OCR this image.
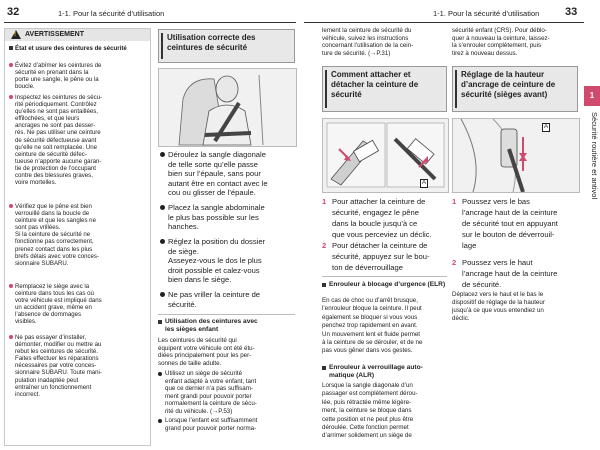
32	1-1. Pour la sécurité d’utilisation	1-1. Pour la sécurité d’utilisation 33
! AVERTISSEMENT
État et usure des ceintures de sécurité
Évitez d’abîmer les ceintures de
sécurité en prenant dans la
porte une sangle, le pêne ou la
boucle.
Inspectez les ceintures de sécu-
rité périodiquement. Contrôlez
qu’elles ne sont pas entaillées,
effilochées, et que leurs
ancrages ne sont pas desser-
rés. Ne pas utiliser une ceinture
de sécurité défectueuse avant
qu’elle ne soit remplacée. Une
ceinture de sécurité défec-
tueuse n’apporte aucune garan-
tie de protection de l’occupant
contre des blessures graves,
voire mortelles.
Vérifiez que le pêne est bien
verrouillé dans la boucle de
ceinture et que les sangles ne
sont pas vrillées.
Si la ceinture de sécurité ne
fonctionne pas correctement,
prenez contact dans les plus
brefs délais avec votre conces-
sionnaire SUBARU.
Remplacez le siège avec la
ceinture dans tous les cas où
votre véhicule est impliqué dans
un accident grave, même en
l’absence de dommages
visibles.
Ne pas essayer d’installer,
démonter, modifier ou mettre au
rebut les ceintures de sécurité.
Faites effectuer les réparations
nécessaires par votre conces-
sionnaire SUBARU. Toute mani-
pulation inadaptée peut
entraîner un fonctionnement
incorrect.
Utilisation correcte des
ceintures de sécurité
Déroulez la sangle diagonale
de telle sorte qu’elle passe
bien sur l’épaule, sans pour
autant être en contact avec le
cou ou glisser de l’épaule.
Placez la sangle abdominale
le plus bas possible sur les
hanches.
Réglez la position du dossier
de siège.
Asseyez-vous le dos le plus
droit possible et calez-vous
bien dans le siège.
Ne pas vriller la ceinture de
sécurité.
Utilisation des ceintures avec
les sièges enfant
Les ceintures de sécurité qui
équipent votre véhicule ont été étu-
diées principalement pour les per-
sonnes de taille adulte.
Utilisez un siège de sécurité
enfant adapté à votre enfant, tant
que ce dernier n’a pas suffisam-
ment grandi pour pouvoir porter
normalement la ceinture de sécu-
rité du véhicule. (→P.53)
Lorsque l’enfant est suffisamment
grand pour pouvoir porter norma-
lement la ceinture de sécurité du
véhicule, suivez les instructions
concernant l’utilisation de la cein-
ture de sécurité. (→P.31)
Comment attacher et
détacher la ceinture de
sécurité
A
1 Pour attacher la ceinture de
sécurité, engagez le pêne
dans la boucle jusqu’à ce
que vous perceviez un déclic.
2 Pour détacher la ceinture de
sécurité, appuyez sur le bou-
ton de déverrouillage
Enrouleur à blocage d’urgence (ELR)
En cas de choc ou d’arrêt brusque,
l’enrouleur bloque la ceinture. Il peut
également se bloquer si vous vous
penchez trop rapidement en avant.
Un mouvement lent et fluide permet
à la ceinture de se dérouler, et de ne
pas vous gêner dans vos gestes.
Enrouleur à verrouillage auto-
matique (ALR)
Lorsque la sangle diagonale d’un
passager est complètement dérou-
lée, puis rétractée même légère-
ment, la ceinture se bloque dans
cette position et ne peut plus être
déroulée. Cette fonction permet
d’arrimer solidement un siège de
sécurité enfant (CRS). Pour déblo-
quer à nouveau la ceinture, laissez-
la s’enrouler complètement, puis
tirez à nouveau dessus.
Réglage de la hauteur
d’ancrage de ceinture de
sécurité (sièges avant)
A
1 Poussez vers le bas
l’ancrage haut de la ceinture
de sécurité tout en appuyant
sur le bouton de déverrouil-
lage
2 Poussez vers le haut
l’ancrage haut de la ceinture
de sécurité.
Déplacez vers le haut et le bas le
dispositif de réglage de la hauteur
jusqu’à ce que vous entendiez un
déclic.
1
Sécurité routière et antivol
